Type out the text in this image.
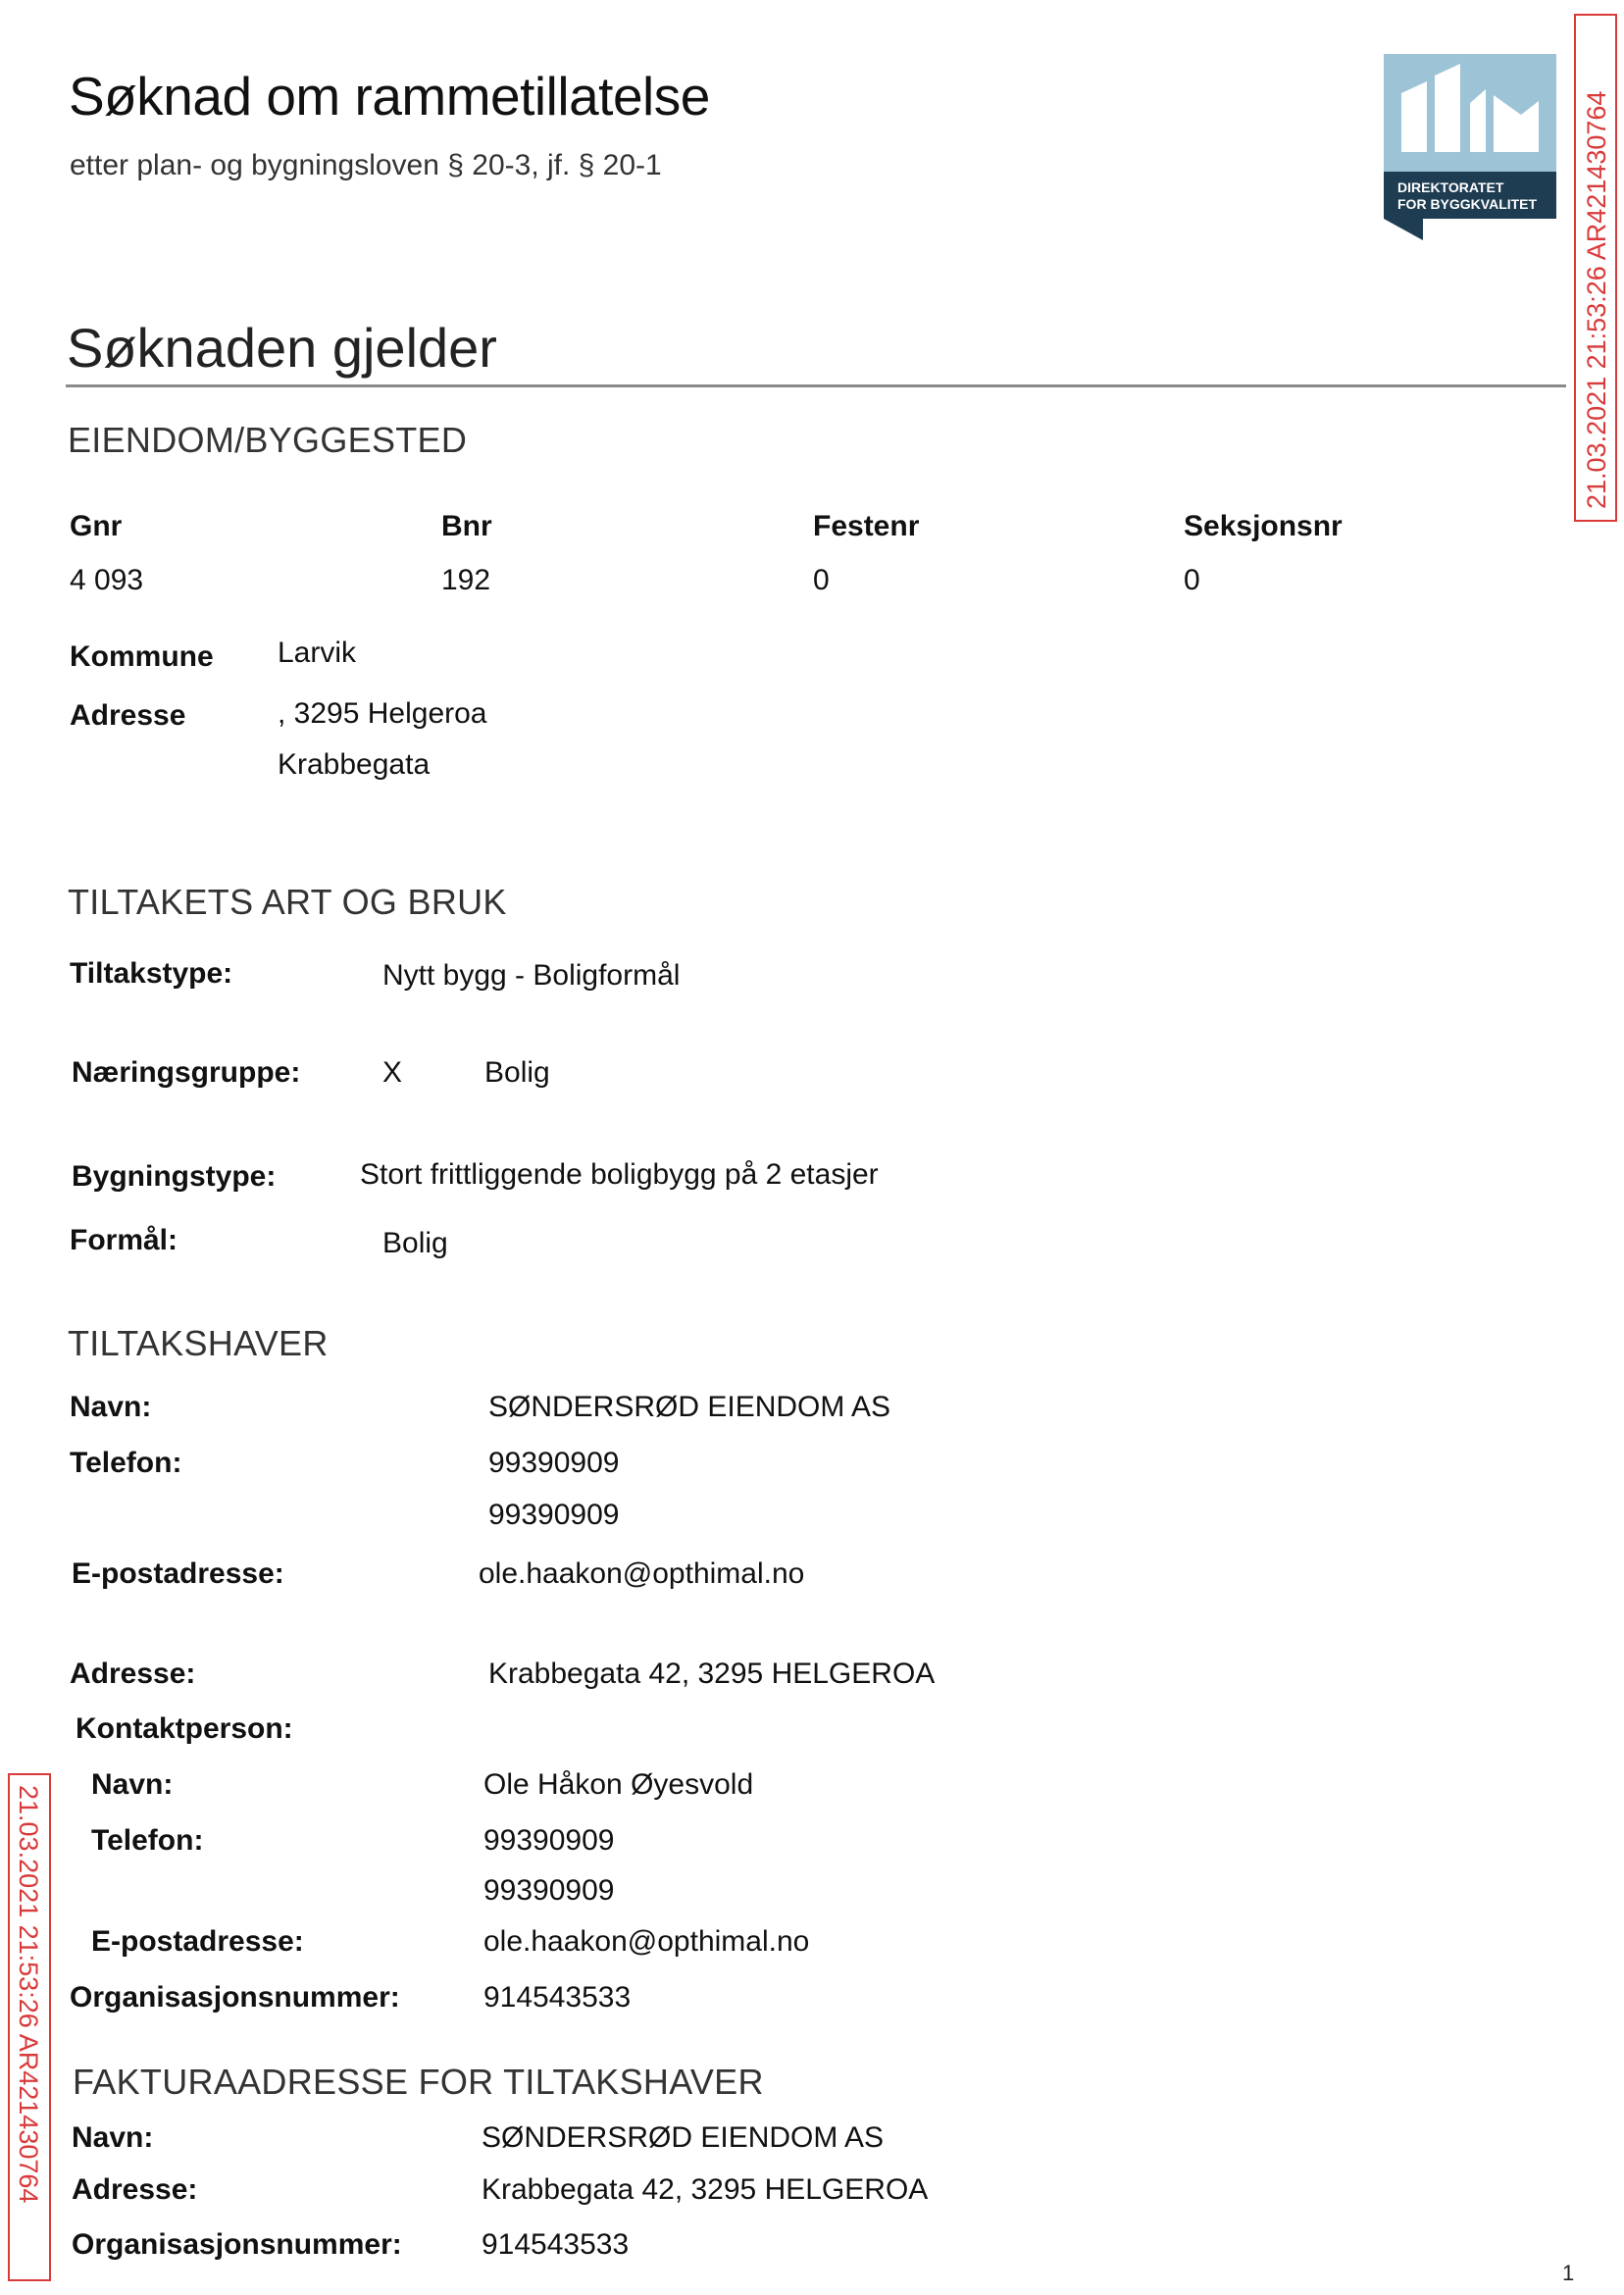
Søknad om rammetillatelse
etter plan- og bygningsloven § 20-3, jf. § 20-1
DIREKTORATET
FOR BYGGKVALITET 21.03.2021 21:53:26 AR421430764
21.03.2021 21:53:26 AR421430764
Søknaden gjelder
EIENDOM/BYGGESTED
Gnr	Bnr	Festenr	Seksjonsnr
4 093	192	0	0
Kommune Larvik
Adresse	, 3295 Helgeroa
Krabbegata
TILTAKETS ART OG BRUK
Tiltakstype:	Nytt bygg - Boligformål
Næringsgruppe:	X	Bolig
Bygningstype:	Stort frittliggende boligbygg på 2 etasjer
Formål:	Bolig
TILTAKSHAVER
Navn:	SØNDERSRØD EIENDOM AS
Telefon:	99390909
99390909
E-postadresse:	ole.haakon@opthimal.no
Adresse:	Krabbegata 42, 3295 HELGEROA
Kontaktperson:
Navn:	Ole Håkon Øyesvold
Telefon:	99390909
99390909
E-postadresse:	ole.haakon@opthimal.no
Organisasjonsnummer:	914543533
FAKTURAADRESSE FOR TILTAKSHAVER
Navn:	SØNDERSRØD EIENDOM AS
Adresse:	Krabbegata 42, 3295 HELGEROA
Organisasjonsnummer:	914543533
1
